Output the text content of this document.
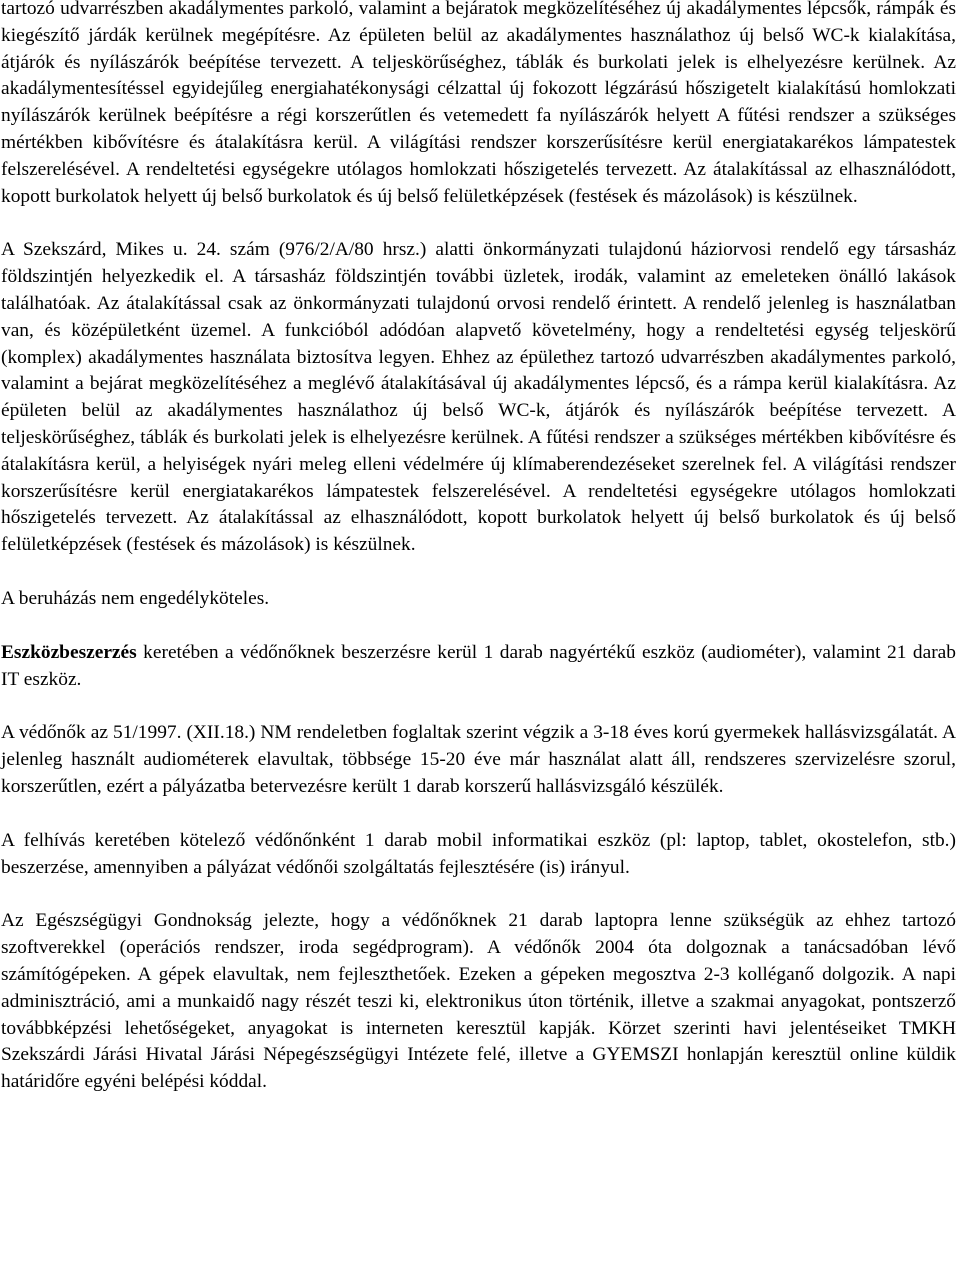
tartozó udvarrészben akadálymentes parkoló, valamint a bejáratok megközelítéséhez új akadálymentes lépcsők, rámpák és kiegészítő járdák kerülnek megépítésre. Az épületen belül az akadálymentes használathoz új belső WC-k kialakítása, átjárók és nyílászárók beépítése tervezett. A teljeskörűséghez, táblák és burkolati jelek is elhelyezésre kerülnek. Az akadálymentesítéssel egyidejűleg energiahatékonysági célzattal új fokozott légzárású hőszigetelt kialakítású homlokzati nyílászárók kerülnek beépítésre a régi korszerűtlen és vetemedett fa nyílászárók helyett A fűtési rendszer a szükséges mértékben kibővítésre és átalakításra kerül. A világítási rendszer korszerűsítésre kerül energiatakarékos lámpatestek felszerelésével. A rendeltetési egységekre utólagos homlokzati hőszigetelés tervezett. Az átalakítással az elhasználódott, kopott burkolatok helyett új belső burkolatok és új belső felületképzések (festések és mázolások) is készülnek.

A Szekszárd, Mikes u. 24. szám (976/2/A/80 hrsz.) alatti önkormányzati tulajdonú háziorvosi rendelő egy társasház földszintjén helyezkedik el. A társasház földszintjén további üzletek, irodák, valamint az emeleteken önálló lakások találhatóak. Az átalakítással csak az önkormányzati tulajdonú orvosi rendelő érintett. A rendelő jelenleg is használatban van, és középületként üzemel. A funkcióból adódóan alapvető követelmény, hogy a rendeltetési egység teljeskörű (komplex) akadálymentes használata biztosítva legyen. Ehhez az épülethez tartozó udvarrészben akadálymentes parkoló, valamint a bejárat megközelítéséhez a meglévő átalakításával új akadálymentes lépcső, és a rámpa kerül kialakításra. Az épületen belül az akadálymentes használathoz új belső WC-k, átjárók és nyílászárók beépítése tervezett. A teljeskörűséghez, táblák és burkolati jelek is elhelyezésre kerülnek. A fűtési rendszer a szükséges mértékben kibővítésre és átalakításra kerül, a helyiségek nyári meleg elleni védelmére új klímaberendezéseket szerelnek fel. A világítási rendszer korszerűsítésre kerül energiatakarékos lámpatestek felszerelésével. A rendeltetési egységekre utólagos homlokzati hőszigetelés tervezett. Az átalakítással az elhasználódott, kopott burkolatok helyett új belső burkolatok és új belső felületképzések (festések és mázolások) is készülnek.

A beruházás nem engedélyköteles.

Eszközbeszerzés keretében a védőnőknek beszerzésre kerül 1 darab nagyértékű eszköz (audiométer), valamint 21 darab IT eszköz.

A védőnők az 51/1997. (XII.18.) NM rendeletben foglaltak szerint végzik a 3-18 éves korú gyermekek hallásvizsgálatát. A jelenleg használt audiométerek elavultak, többsége 15-20 éve már használat alatt áll, rendszeres szervizelésre szorul, korszerűtlen, ezért a pályázatba betervezésre került 1 darab korszerű hallásvizsgáló készülék.

A felhívás keretében kötelező védőnőnként 1 darab mobil informatikai eszköz (pl: laptop, tablet, okostelefon, stb.) beszerzése, amennyiben a pályázat védőnői szolgáltatás fejlesztésére (is) irányul.

Az Egészségügyi Gondnokság jelezte, hogy a védőnőknek 21 darab laptopra lenne szükségük az ehhez tartozó szoftverekkel (operációs rendszer, iroda segédprogram). A védőnők 2004 óta dolgoznak a tanácsadóban lévő számítógépeken. A gépek elavultak, nem fejleszthetőek. Ezeken a gépeken megosztva 2-3 kolléganő dolgozik. A napi adminisztráció, ami a munkaidő nagy részét teszi ki, elektronikus úton történik, illetve a szakmai anyagokat, pontszerző továbbképzési lehetőségeket, anyagokat is interneten keresztül kapják. Körzet szerinti havi jelentéseiket TMKH Szekszárdi Járási Hivatal Járási Népegészségügyi Intézete felé, illetve a GYEMSZI honlapján keresztül online küldik határidőre egyéni belépési kóddal.
